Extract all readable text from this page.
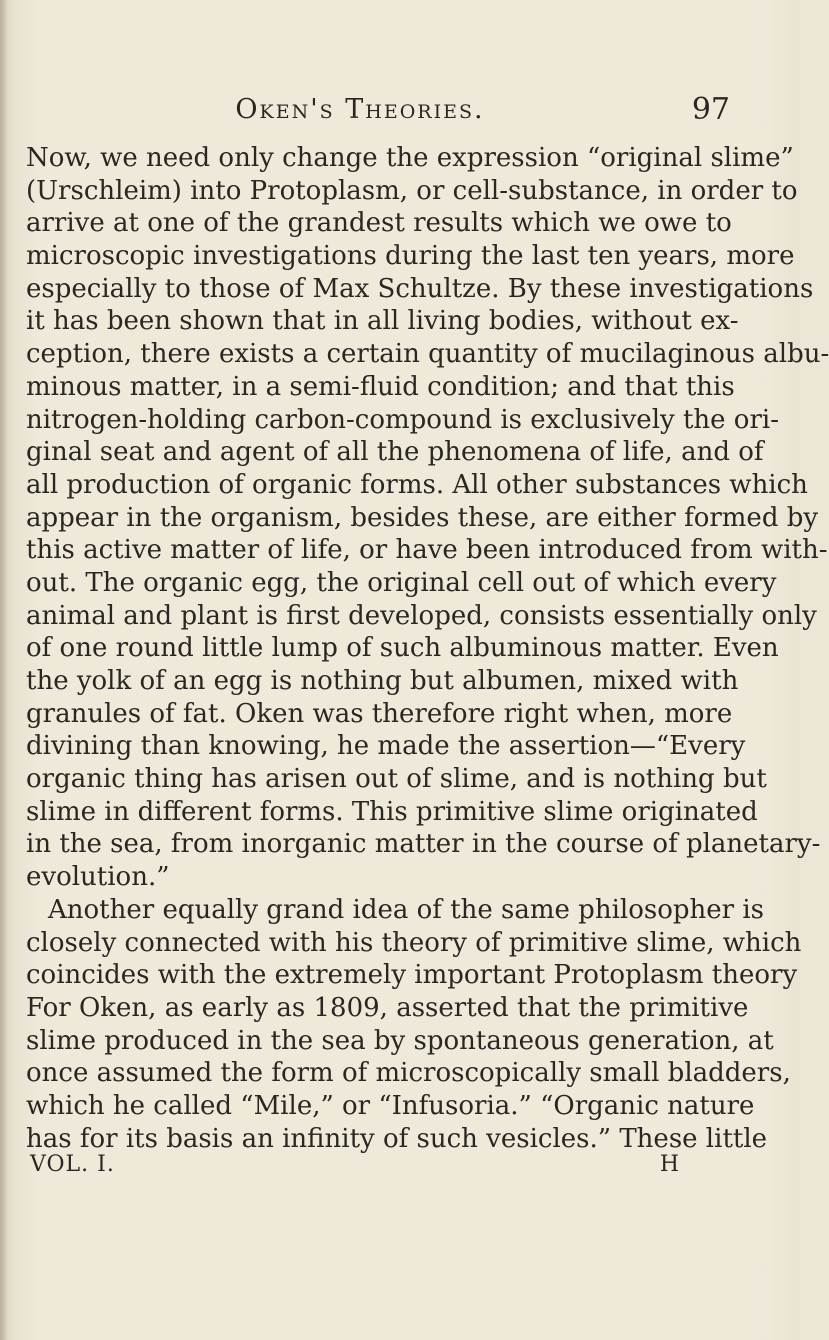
Oken's Theories.	97
Now, we need only change the expression “original slime”
(Urschleim) into Protoplasm, or cell-substance, in order to
arrive at one of the grandest results which we owe to
microscopic investigations during the last ten years, more
especially to those of Max Schultze. By these investigations
it has been shown that in all living bodies, without ex-
ception, there exists a certain quantity of mucilaginous albu-
minous matter, in a semi-fluid condition; and that this
nitrogen-holding carbon-compound is exclusively the ori-
ginal seat and agent of all the phenomena of life, and of
all production of organic forms. All other substances which
appear in the organism, besides these, are either formed by
this active matter of life, or have been introduced from with-
out. The organic egg, the original cell out of which every
animal and plant is first developed, consists essentially only
of one round little lump of such albuminous matter. Even
the yolk of an egg is nothing but albumen, mixed with
granules of fat. Oken was therefore right when, more
divining than knowing, he made the assertion—“Every
organic thing has arisen out of slime, and is nothing but
slime in different forms. This primitive slime originated
in the sea, from inorganic matter in the course of planetary-
evolution.”
Another equally grand idea of the same philosopher is
closely connected with his theory of primitive slime, which
coincides with the extremely important Protoplasm theory
For Oken, as early as 1809, asserted that the primitive
slime produced in the sea by spontaneous generation, at
once assumed the form of microscopically small bladders,
which he called “Mile,” or “Infusoria.” “Organic nature
has for its basis an infinity of such vesicles.” These little
VOL. I.	H
